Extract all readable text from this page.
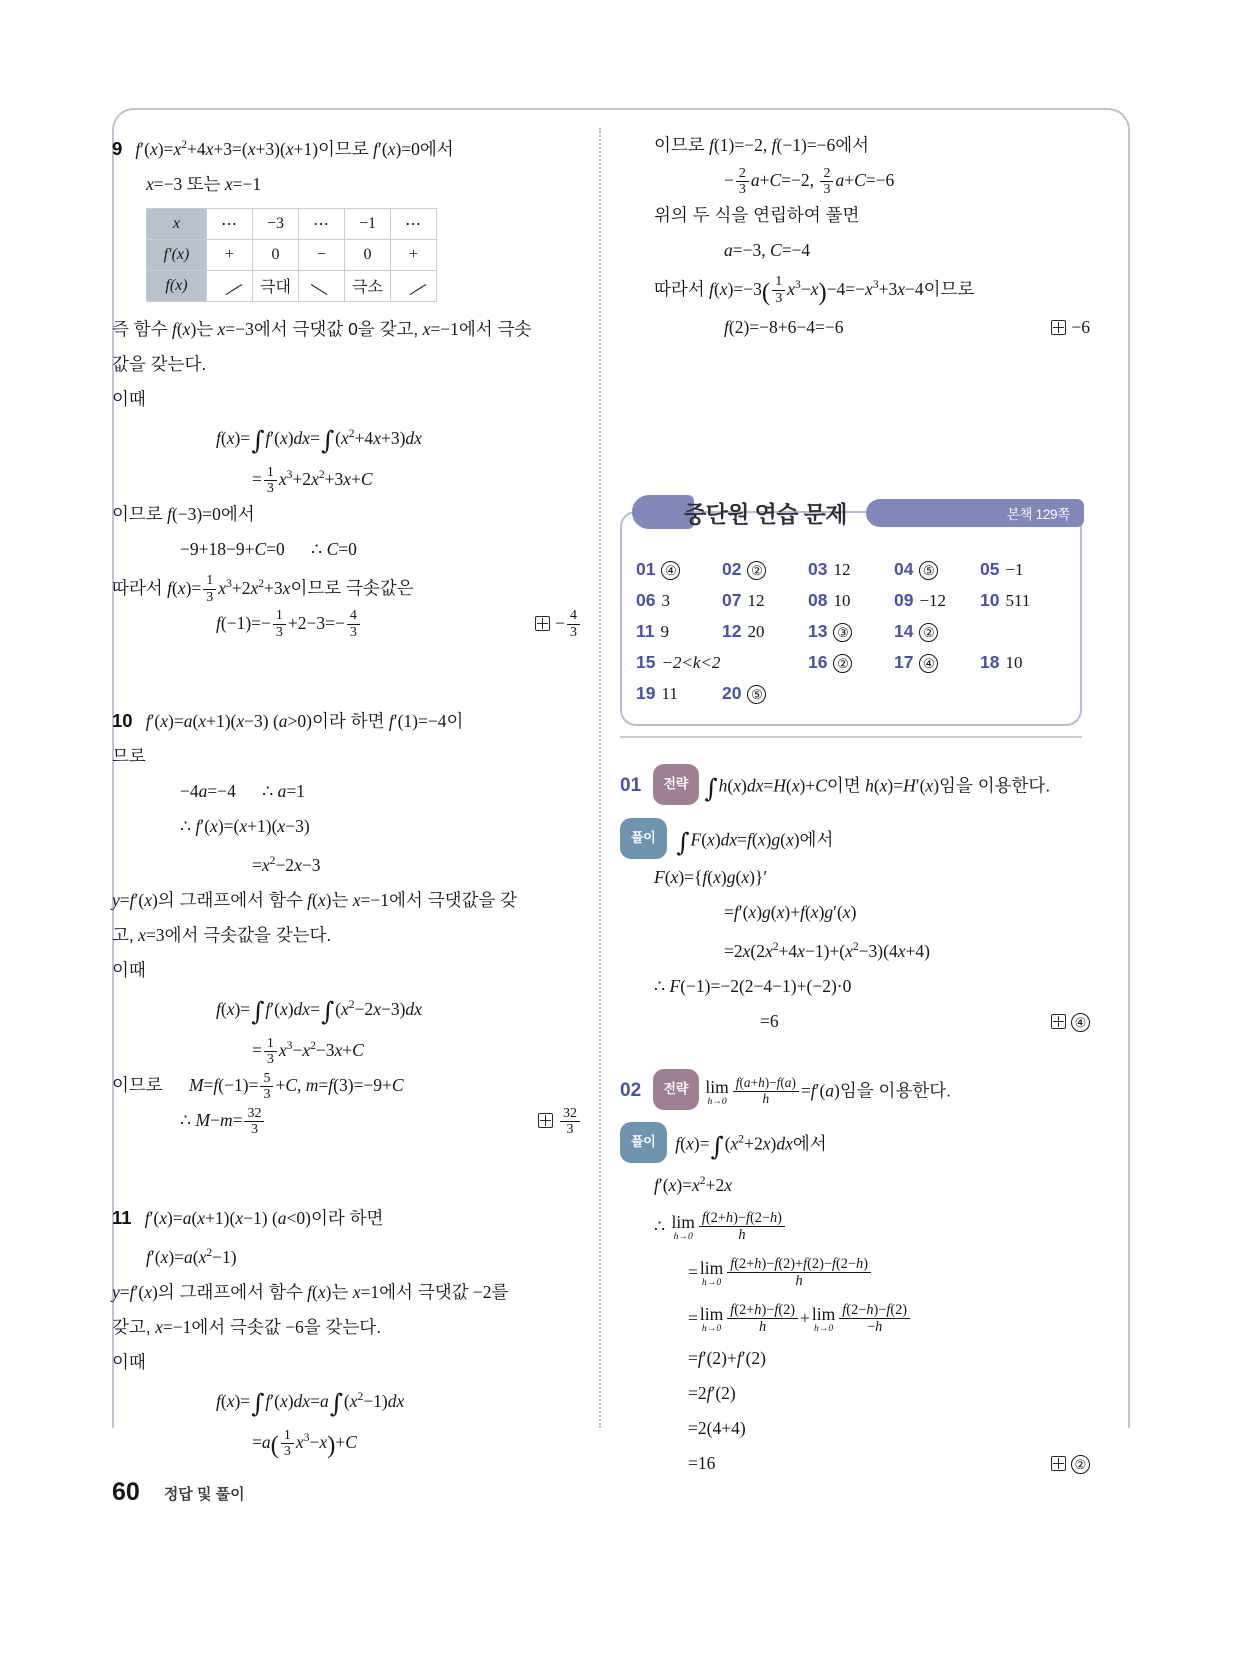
9 $f'(x)=x^2+4x+3=(x+3)(x+1)$이므로 f′(x)=0에서
x=−3 또는 x=−1
x	⋯	−3	⋯	−1	⋯
f′(x)	+	0	−	0	+
f(x)		극대		극소	
즉 함수 f(x)는 x=−3에서 극댓값 0을 갖고, x=−1에서 극솟
값을 갖는다.
이때
$f(x)=\int f'(x)dx=\int(x^2+4x+3)dx$
= $\frac{1}{3} x^3+2x^2+3x+C$
이므로 f(−3)=0에서
−9+18−9+C=0 ∴ C=0
따라서 $f(x)= \frac{1}{3} x^3+2x^2+3x$이므로 극솟값은
$f(-1)=- \frac{1}{3} +2-3=- \frac{4}{3}$	− $\frac{4}{3}$
10 f′(x)=a(x+1)(x−3) (a>0)이라 하면 f′(1)=−4이
므로
−4a=−4 ∴ a=1
∴ f′(x)=(x+1)(x−3)
$=x^2-2x-3$
y=f′(x)의 그래프에서 함수 f(x)는 x=−1에서 극댓값을 갖
고, x=3에서 극솟값을 갖는다.
이때
$f(x)=\int f'(x)dx=\int(x^2-2x-3)dx$
= $\frac{1}{3} x^3-x^2-3x+C$
이므로 $M=f(-1)= \frac{5}{3} +C$, m=f(3)=−9+C
∴ $M-m= \frac{32}{3}$	$\frac{32}{3}$
11 f′(x)=a(x+1)(x−1) (a<0)이라 하면
$f'(x)=a(x^2-1)$
y=f′(x)의 그래프에서 함수 f(x)는 x=1에서 극댓값 −2를
갖고, x=−1에서 극솟값 −6을 갖는다.
이때
$f(x)=\int f'(x)dx=a\int(x^2-1)dx$
$=a( \frac{1}{3} x^3-x)+C$
이므로 f(1)=−2, f(−1)=−6에서
− $\frac{2}{3} a+C=-2$, $\frac{2}{3} a+C=-6$
위의 두 식을 연립하여 풀면
a=−3, C=−4
따라서 $f(x)=-3( \frac{1}{3} x^3-x)-4=-x^3+3x-4$이므로
f(2)=−8+6−4=−6	−6
본책 129쪽
중단원 연습 문제
01 ④	02 ②	03 12	04 ⑤	05 −1
06 3	07 12	08 10	09 −12	10 511
11 9	12 20	13 ③	14 ②
15 −2<k<2	16 ②	17 ④	18 10
19 11	20 ⑤
01 전략 ∫h(x)dx=H(x)+C이면 h(x)=H′(x)임을 이용한다.
풀이 ∫F(x)dx=f(x)g(x)에서
F(x)={f(x)g(x)}′
=f′(x)g(x)+f(x)g′(x)
$=2x(2x^2+4x-1)+(x^2-3)(4x+4)$
∴ F(−1)=−2(2−4−1)+(−2)·0
=6	④
02 전략 lim
$h\to 0 \frac{f(a+h)-f(a)}{h} =f'(a)$임을 이용한다.
풀이 $f(x)=\int(x^2+2x)dx$에서
$f'(x)=x^2+2x$
∴ lim
$h\to 0 \frac{f(2+h)-f(2-h)}{h}$
= lim
$h\to 0 \frac{f(2+h)-f(2)+f(2)-f(2-h)}{h}$
= lim
$h\to 0 \frac{f(2+h)-f(2)}{h} + \lim$
$h\to 0 \frac{f(2-h)-f(2)}{-h}$
=f′(2)+f′(2)
=2f′(2)
=2(4+4)
=16	②
60 정답 및 풀이
